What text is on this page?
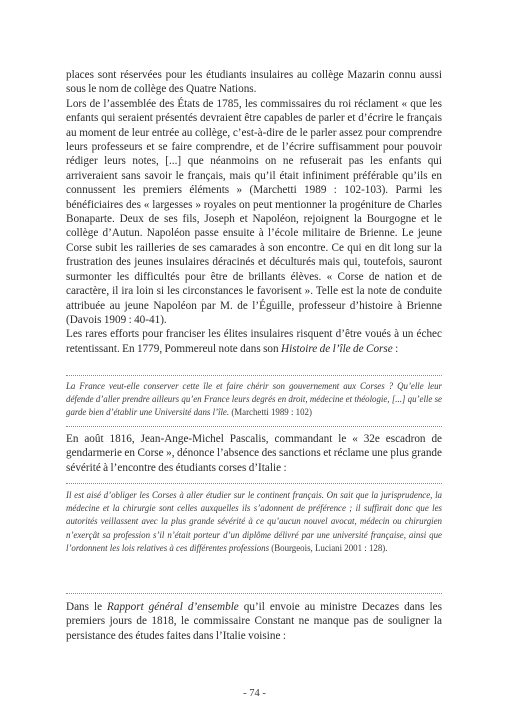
places sont réservées pour les étudiants insulaires au collège Mazarin connu aussi sous le nom de collège des Quatre Nations.

Lors de l’assemblée des États de 1785, les commissaires du roi réclament « que les enfants qui seraient présentés devraient être capables de parler et d’écrire le français au moment de leur entrée au collège, c’est-à-dire de le parler assez pour comprendre leurs professeurs et se faire comprendre, et de l’écrire suffisamment pour pouvoir rédiger leurs notes, [...] que néanmoins on ne refuserait pas les enfants qui arriveraient sans savoir le français, mais qu’il était infiniment préférable qu’ils en connussent les premiers éléments » (Marchetti 1989 : 102-103). Parmi les bénéficiaires des « largesses » royales on peut mentionner la progéniture de Charles Bonaparte. Deux de ses fils, Joseph et Napoléon, rejoignent la Bourgogne et le collège d’Autun. Napoléon passe ensuite à l’école militaire de Brienne. Le jeune Corse subit les railleries de ses camarades à son encontre. Ce qui en dit long sur la frustration des jeunes insulaires déracinés et déculturés mais qui, toutefois, sauront surmonter les difficultés pour être de brillants élèves. « Corse de nation et de caractère, il ira loin si les circonstances le favorisent ». Telle est la note de conduite attribuée au jeune Napoléon par M. de l’Éguille, professeur d’histoire à Brienne (Davois 1909 : 40-41).

Les rares efforts pour franciser les élites insulaires risquent d’être voués à un échec retentissant. En 1779, Pommereul note dans son Histoire de l’île de Corse :

La France veut-elle conserver cette île et faire chérir son gouvernement aux Corses ? Qu’elle leur défende d’aller prendre ailleurs qu’en France leurs degrés en droit, médecine et théologie, [...] qu’elle se garde bien d’établir une Université dans l’île. (Marchetti 1989 : 102)

En août 1816, Jean-Ange-Michel Pascalis, commandant le « 32e escadron de gendarmerie en Corse », dénonce l’absence des sanctions et réclame une plus grande sévérité à l’encontre des étudiants corses d’Italie :

Il est aisé d’obliger les Corses à aller étudier sur le continent français. On sait que la jurisprudence, la médecine et la chirurgie sont celles auxquelles ils s’adonnent de préférence ; il suffirait donc que les autorités veillassent avec la plus grande sévérité à ce qu’aucun nouvel avocat, médecin ou chirurgien n’exerçât sa profession s’il n’était porteur d’un diplôme délivré par une université française, ainsi que l’ordonnent les lois relatives à ces différentes professions (Bourgeois, Luciani 2001 : 128).

Dans le Rapport général d’ensemble qu’il envoie au ministre Decazes dans les premiers jours de 1818, le commissaire Constant ne manque pas de souligner la persistance des études faites dans l’Italie voisine :

- 74 -
